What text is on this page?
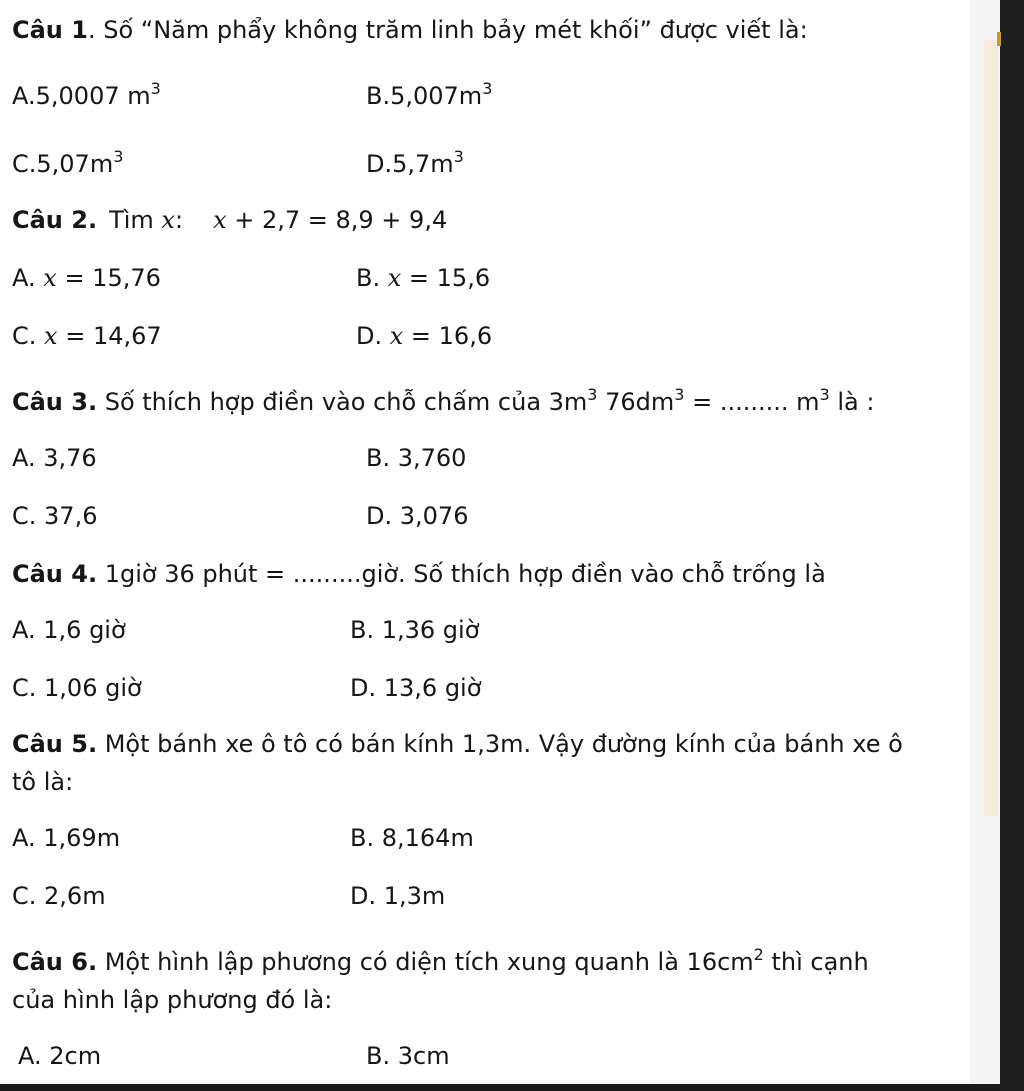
Câu 1. Số “Năm phẩy không trăm linh bảy mét khối” được viết là:
A.5,0007 $m^3$	$B.5,007m^3$
$C.5,07m^3$	$D.5,7m^3$
Câu 2. Tìm x: x + 2,7 = 8,9 + 9,4
A. x = 15,76	B. x = 15,6
C. x = 14,67	D. x = 16,6
Câu 3. Số thích hợp điền vào chỗ chấm của $3m^3$ $76dm^3$ = ......... $m^3$ là :
A. 3,76	B. 3,760
C. 37,6	D. 3,076
Câu 4. 1giờ 36 phút = .........giờ. Số thích hợp điền vào chỗ trống là
A. 1,6 giờ	B. 1,36 giờ
C. 1,06 giờ	D. 13,6 giờ
Câu 5. Một bánh xe ô tô có bán kính 1,3m. Vậy đường kính của bánh xe ô
tô là:
A. 1,69m	B. 8,164m
C. 2,6m	D. 1,3m
Câu 6. Một hình lập phương có diện tích xung quanh là $16cm^2$ thì cạnh
của hình lập phương đó là:
A. 2cm	B. 3cm
